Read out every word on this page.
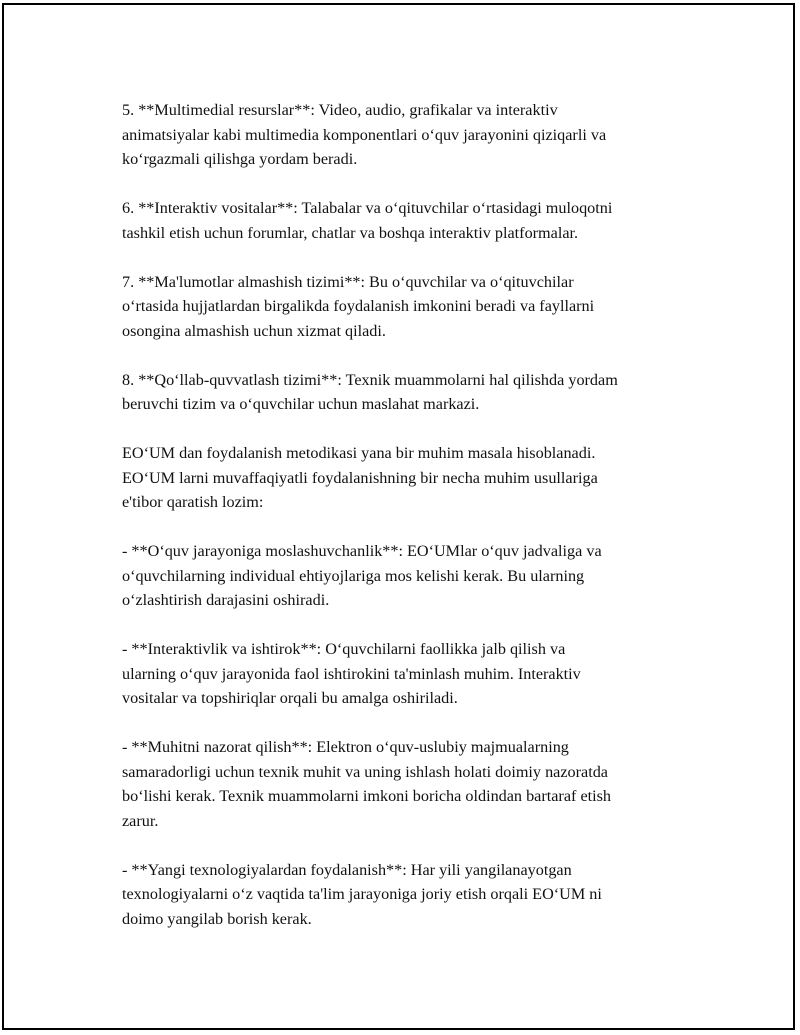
5. **Multimedial resurslar**: Video, audio, grafikalar va interaktiv
animatsiyalar kabi multimedia komponentlari o‘quv jarayonini qiziqarli va
ko‘rgazmali qilishga yordam beradi.

6. **Interaktiv vositalar**: Talabalar va o‘qituvchilar o‘rtasidagi muloqotni
tashkil etish uchun forumlar, chatlar va boshqa interaktiv platformalar.

7. **Ma'lumotlar almashish tizimi**: Bu o‘quvchilar va o‘qituvchilar
o‘rtasida hujjatlardan birgalikda foydalanish imkonini beradi va fayllarni
osongina almashish uchun xizmat qiladi.

8. **Qo‘llab-quvvatlash tizimi**: Texnik muammolarni hal qilishda yordam
beruvchi tizim va o‘quvchilar uchun maslahat markazi.

EO‘UM dan foydalanish metodikasi yana bir muhim masala hisoblanadi.
EO‘UM larni muvaffaqiyatli foydalanishning bir necha muhim usullariga
e'tibor qaratish lozim:

- **O‘quv jarayoniga moslashuvchanlik**: EO‘UMlar o‘quv jadvaliga va
o‘quvchilarning individual ehtiyojlariga mos kelishi kerak. Bu ularning
o‘zlashtirish darajasini oshiradi.

- **Interaktivlik va ishtirok**: O‘quvchilarni faollikka jalb qilish va
ularning o‘quv jarayonida faol ishtirokini ta'minlash muhim. Interaktiv
vositalar va topshiriqlar orqali bu amalga oshiriladi.

- **Muhitni nazorat qilish**: Elektron o‘quv-uslubiy majmualarning
samaradorligi uchun texnik muhit va uning ishlash holati doimiy nazoratda
bo‘lishi kerak. Texnik muammolarni imkoni boricha oldindan bartaraf etish
zarur.

- **Yangi texnologiyalardan foydalanish**: Har yili yangilanayotgan
texnologiyalarni o‘z vaqtida ta'lim jarayoniga joriy etish orqali EO‘UM ni
doimo yangilab borish kerak.
